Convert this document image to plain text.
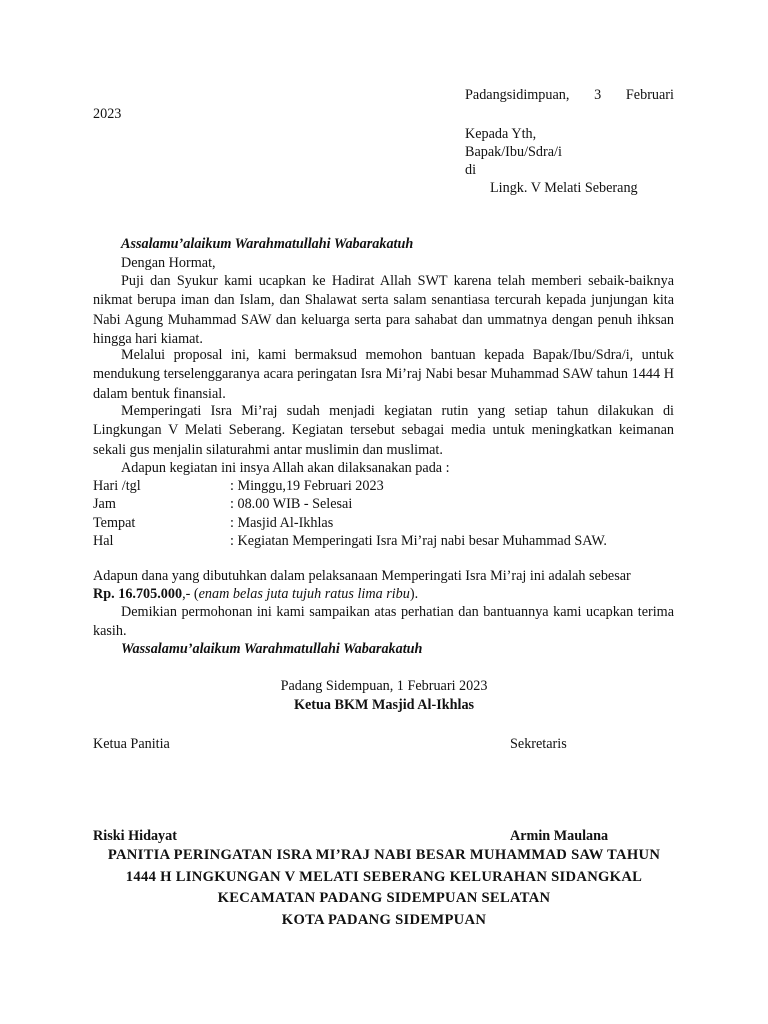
Padangsidimpuan, 3 Februari
2023
Kepada Yth,
Bapak/Ibu/Sdra/i
di
Lingk. V Melati Seberang
Assalamu’alaikum Warahmatullahi Wabarakatuh
Dengan Hormat,
Puji dan Syukur kami ucapkan ke Hadirat Allah SWT karena telah memberi sebaik-baiknya nikmat berupa iman dan Islam, dan Shalawat serta salam senantiasa tercurah kepada junjungan kita Nabi Agung Muhammad SAW dan keluarga serta para sahabat dan ummatnya dengan penuh ihksan hingga hari kiamat.
Melalui proposal ini, kami bermaksud memohon bantuan kepada Bapak/Ibu/Sdra/i, untuk mendukung terselenggaranya acara peringatan Isra Mi’raj Nabi besar Muhammad SAW tahun 1444 H dalam bentuk finansial.
Memperingati Isra Mi’raj sudah menjadi kegiatan rutin yang setiap tahun dilakukan di Lingkungan V Melati Seberang. Kegiatan tersebut sebagai media untuk meningkatkan keimanan sekali gus menjalin silaturahmi antar muslimin dan muslimat.
Adapun kegiatan ini insya Allah akan dilaksanakan pada :
Hari /tgl	: Minggu,19 Februari 2023
Jam	: 08.00 WIB - Selesai
Tempat	: Masjid Al-Ikhlas
Hal	: Kegiatan Memperingati Isra Mi’raj nabi besar Muhammad SAW.
Adapun dana yang dibutuhkan dalam pelaksanaan Memperingati Isra Mi’raj ini adalah sebesar
Rp. 16.705.000,- (enam belas juta tujuh ratus lima ribu).
Demikian permohonan ini kami sampaikan atas perhatian dan bantuannya kami ucapkan terima kasih.
Wassalamu’alaikum Warahmatullahi Wabarakatuh
Padang Sidempuan, 1 Februari 2023
Ketua BKM Masjid Al-Ikhlas
Ketua Panitia	Sekretaris
Riski Hidayat	Armin Maulana
PANITIA PERINGATAN ISRA MI’RAJ NABI BESAR MUHAMMAD SAW TAHUN
1444 H LINGKUNGAN V MELATI SEBERANG KELURAHAN SIDANGKAL
KECAMATAN PADANG SIDEMPUAN SELATAN
KOTA PADANG SIDEMPUAN
